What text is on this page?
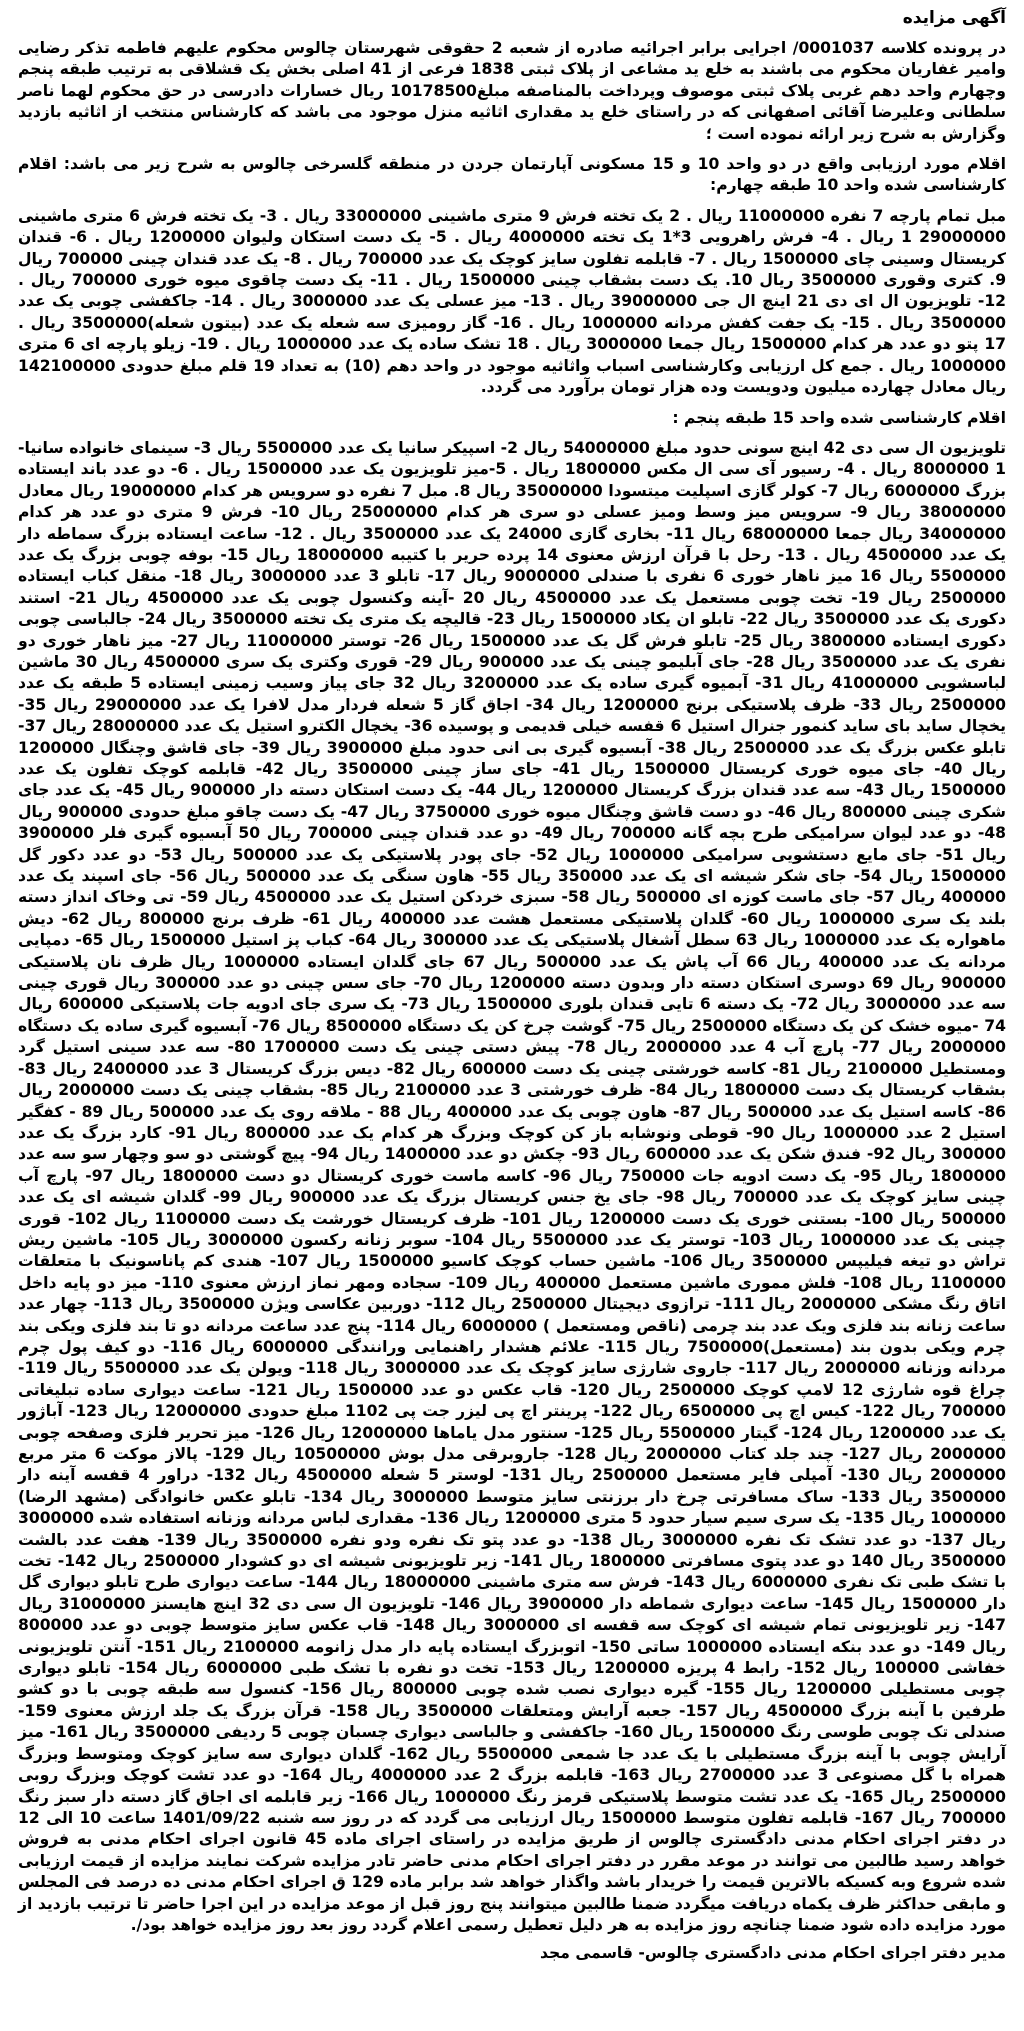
آگهی مزایده

در پرونده کلاسه 0001037/ اجرایی برابر اجرائیه صادره از شعبه 2 حقوقی شهرستان چالوس محکوم علیهم فاطمه تذکر رضایی وامیر غفاریان محکوم می باشند به خلع ید مشاعی از پلاک ثبتی 1838 فرعی از 41 اصلی بخش یک قشلاقی به ترتیب طبقه پنجم وچهارم واحد دهم غربی پلاک ثبتی موصوف وپرداخت بالمناصفه مبلغ10178500 ریال خسارات دادرسی در حق محکوم لهما ناصر سلطانی وعلیرضا آقائی اصفهانی که در راستای خلع ید مقداری اثاثیه منزل موجود می باشد که کارشناس منتخب از اثاثیه بازدید وگزارش به شرح زیر ارائه نموده است ؛

اقلام مورد ارزیابی واقع در دو واحد 10 و 15 مسکونی آپارتمان جردن در منطقه گلسرخی چالوس به شرح زیر می باشد: اقلام کارشناسی شده واحد 10 طبقه چهارم:

مبل تمام پارچه 7 نفره 11000000 ریال . 2 یک تخته فرش 9 متری ماشینی 33000000 ریال . 3- یک تخته فرش 6 متری ماشینی 29000000 1 ریال . 4- فرش راهرویی 3*1 یک تخته 4000000 ریال . 5- یک دست استکان ولیوان 1200000 ریال . 6- قندان کریستال وسینی چای 1500000 ریال . 7- قابلمه تفلون سایز کوچک یک عدد 700000 ریال . 8- یک عدد قندان چینی 700000 ریال 9. کتری وقوری 3500000 ریال 10. یک دست بشقاب چینی 1500000 ریال . 11- یک دست چاقوی میوه خوری 700000 ریال . 12- تلویزیون ال ای دی 21 اینچ ال جی 39000000 ریال . 13- میز عسلی یک عدد 3000000 ریال . 14- جاکفشی چوبی یک عدد 3500000 ریال . 15- یک جفت کفش مردانه 1000000 ریال . 16- گاز رومیزی سه شعله یک عدد (بیتون شعله)3500000 ریال . 17 پتو دو عدد هر کدام 1500000 ریال جمعا 3000000 ریال . 18 تشک ساده یک عدد 1000000 ریال . 19- زیلو پارچه ای 6 متری 1000000 ریال . جمع کل ارزیابی وکارشناسی اسباب واثاثیه موجود در واحد دهم (10) به تعداد 19 قلم مبلغ حدودی 142100000 ریال معادل چهارده میلیون ودویست وده هزار تومان برآورد می گردد.

اقلام کارشناسی شده واحد 15 طبقه پنجم :

تلویزیون ال سی دی 42 اینچ سونی حدود مبلغ 54000000 ریال 2- اسپیکر سانیا یک عدد 5500000 ریال 3- سینمای خانواده سانیا- 1 8000000 ریال . 4- رسیور آی سی ال مکس 1800000 ریال . 5-میز تلویزیون یک عدد 1500000 ریال . 6- دو عدد باند ایستاده بزرگ 6000000 ریال 7- کولر گازی اسپلیت میتسودا 35000000 ریال 8. مبل 7 نفره دو سرویس هر کدام 19000000 ریال معادل 38000000 ریال 9- سرویس میز وسط ومیز عسلی دو سری هر کدام 25000000 ریال 10- فرش 9 متری دو عدد هر کدام 34000000 ریال جمعا 68000000 ریال 11- بخاری گازی 24000 یک عدد 3500000 ریال . 12- ساعت ایستاده بزرگ سماطه دار یک عدد 4500000 ریال . 13- رحل با قرآن ارزش معنوی 14 پرده حریر با کتیبه 18000000 ریال 15- بوفه چوبی بزرگ یک عدد 5500000 ریال 16 میز ناهار خوری 6 نفری با صندلی 9000000 ریال 17- تابلو 3 عدد 3000000 ریال 18- منقل کباب ایستاده 2500000 ریال 19- تخت چوبی مستعمل یک عدد 4500000 ریال 20 -آینه وکنسول چوبی یک عدد 4500000 ریال 21- استند دکوری یک عدد 3500000 ریال 22- تابلو ان یکاد 1500000 ریال 23- قالیچه یک متری یک تخته 3500000 ریال 24- جالباسی چوبی دکوری ایستاده 3800000 ریال 25- تابلو فرش گل یک عدد 1500000 ریال 26- توستر 11000000 ریال 27- میز ناهار خوری دو نفری یک عدد 3500000 ریال 28- جای آبلیمو چینی یک عدد 900000 ریال 29- قوری وکتری یک سری 4500000 ریال 30 ماشین لباسشویی 41000000 ریال 31- آبمیوه گیری ساده یک عدد 3200000 ریال 32 جای پیاز وسیب زمینی ایستاده 5 طبقه یک عدد 2500000 ریال 33- ظرف پلاستیکی برنج 1200000 ریال 34- اجاق گاز 5 شعله فردار مدل لافرا یک عدد 29000000 ریال 35- یخچال ساید بای ساید کنمور جنرال استیل 6 قفسه خیلی قدیمی و پوسیده 36- یخچال الکترو استیل یک عدد 28000000 ریال 37- تابلو عکس بزرگ یک عدد 2500000 ریال 38- آبسیوه گیری بی انی حدود مبلغ 3900000 ریال 39- جای قاشق وچنگال 1200000 ریال 40- جای میوه خوری کریستال 1500000 ریال 41- جای ساز چینی 3500000 ریال 42- قابلمه کوچک تفلون یک عدد 1500000 ریال 43- سه عدد قندان بزرگ کریستال 1200000 ریال 44- یک دست استکان دسته دار 900000 ریال 45- یک عدد جای شکری چینی 800000 ریال 46- دو دست قاشق وچنگال میوه خوری 3750000 ریال 47- یک دست چاقو مبلغ حدودی 900000 ریال 48- دو عدد لیوان سرامیکی طرح بچه گانه 700000 ریال 49- دو عدد قندان چینی 700000 ریال 50 آبسیوه گیری فلر 3900000 ریال 51- جای مایع دستشویی سرامیکی 1000000 ریال 52- جای پودر پلاستیکی یک عدد 500000 ریال 53- دو عدد دکور گل 1500000 ریال 54- جای شکر شیشه ای یک عدد 350000 ریال 55- هاون سنگی یک عدد 500000 ریال 56- جای اسپند یک عدد 400000 ریال 57- جای ماست کوزه ای 500000 ریال 58- سبزی خردکن استیل یک عدد 4500000 ریال 59- تی وخاک انداز دسته بلند یک سری 1000000 ریال 60- گلدان پلاستیکی مستعمل هشت عدد 400000 ریال 61- ظرف برنج 800000 ریال 62- دیش ماهواره یک عدد 1000000 ریال 63 سطل آشغال پلاستیکی یک عدد 300000 ریال 64- کباب پز استیل 1500000 ریال 65- دمپایی مردانه یک عدد 400000 ریال 66 آب پاش یک عدد 500000 ریال 67 جای گلدان ایستاده 1000000 ریال ظرف نان پلاستیکی 900000 ریال 69 دوسری استکان دسته دار وبدون دسته 1200000 ریال 70- جای سس چینی دو عدد 300000 ریال قوری چینی سه عدد 3000000 ریال 72- یک دسته 6 تایی قندان بلوری 1500000 ریال 73- یک سری جای ادویه جات پلاستیکی 600000 ریال 74 -میوه خشک کن یک دستگاه 2500000 ریال 75- گوشت چرخ کن یک دستگاه 8500000 ریال 76- آبسیوه گیری ساده یک دستگاه 2000000 ریال 77- پارچ آب 4 عدد 2000000 ریال 78- پیش دستی چینی یک دست 1700000 80- سه عدد سینی استیل گرد ومستطیل 2100000 ریال 81- کاسه خورشتی چینی یک دست 600000 ریال 82- دیس بزرگ کریستال 3 عدد 2400000 ریال 83- بشقاب کریستال یک دست 1800000 ریال 84- ظرف خورشتی 3 عدد 2100000 ریال 85- بشقاب چینی یک دست 2000000 ریال 86- کاسه استیل یک عدد 500000 ریال 87- هاون چوبی یک عدد 400000 ریال 88 - ملاقه روی یک عدد 500000 ریال 89 - کفگیر استیل 2 عدد 1000000 ریال 90- قوطی ونوشابه باز کن کوچک وبزرگ هر کدام یک عدد 800000 ریال 91- کارد بزرگ یک عدد 300000 ریال 92- فندق شکن یک عدد 600000 ریال 93- چکش دو عدد 1400000 ریال 94- پیچ گوشتی دو سو وچهار سو سه عدد 1800000 ریال 95- یک دست ادویه جات 750000 ریال 96- کاسه ماست خوری کریستال دو دست 1800000 ریال 97- پارچ آب چینی سایز کوچک یک عدد 700000 ریال 98- جای یخ جنس کریستال بزرگ یک عدد 900000 ریال 99- گلدان شیشه ای یک عدد 500000 ریال 100- بستنی خوری یک دست 1200000 ریال 101- ظرف کریستال خورشت یک دست 1100000 ریال 102- قوری چینی یک عدد 1000000 ریال 103- توستر یک عدد 5500000 ریال 104- سوبر زنانه رکسون 3000000 ریال 105- ماشین ریش تراش دو تیغه فیلیپس 3500000 ریال 106- ماشین حساب کوچک کاسیو 1500000 ریال 107- هندی کم پاناسونیک با متعلقات 1100000 ریال 108- فلش مموری ماشین مستعمل 400000 ریال 109- سجاده ومهر نماز ارزش معنوی 110- میز دو پایه داخل اتاق رنگ مشکی 2000000 ریال 111- ترازوی دیجیتال 2500000 ریال 112- دوربین عکاسی ویژن 3500000 ریال 113- چهار عدد ساعت زنانه بند فلزی ویک عدد بند چرمی (ناقص ومستعمل ) 6000000 ریال 114- پنج عدد ساعت مردانه دو تا بند فلزی ویکی بند چرم ویکی بدون بند (مستعمل)7500000 ریال 115- علائم هشدار راهنمایی ورانندگی 6000000 ریال 116- دو کیف پول چرم مردانه وزنانه 2000000 ریال 117- جاروی شارژی سایز کوچک یک عدد 3000000 ریال 118- ویولن یک عدد 5500000 ریال 119- چراغ قوه شارژی 12 لامپ کوچک 2500000 ریال 120- قاب عکس دو عدد 1500000 ریال 121- ساعت دیواری ساده تبلیغاتی 700000 ریال 122- کیس اچ پی 6500000 ریال 122- پرینتر اچ پی لیزر جت پی 1102 مبلغ حدودی 12000000 ریال 123- آباژور یک عدد 1200000 ریال 124- گیتار 5500000 ریال 125- سنتور مدل یاماها 12000000 ریال 126- میز تحریر فلزی وصفحه چوبی 2000000 ریال 127- چند جلد کتاب 2000000 ریال 128- جاروبرقی مدل بوش 10500000 ریال 129- پالاز موکت 6 متر مربع 2000000 ریال 130- آمپلی فایر مستعمل 2500000 ریال 131- لوستر 5 شعله 4500000 ریال 132- دراور 4 قفسه آینه دار 3500000 ریال 133- ساک مسافرتی چرخ دار برزنتی سایز متوسط 3000000 ریال 134- تابلو عکس خانوادگی (مشهد الرضا) 1000000 ریال 135- یک سری سیم سیار حدود 5 متری 1200000 ریال 136- مقداری لباس مردانه وزنانه استفاده شده 3000000 ریال 137- دو عدد تشک تک نفره 3000000 ریال 138- دو عدد پتو تک نفره ودو نفره 3500000 ریال 139- هفت عدد بالشت 3500000 ریال 140 دو عدد پتوی مسافرتی 1800000 ریال 141- زیر تلویزیونی شیشه ای دو کشودار 2500000 ریال 142- تخت با تشک طبی تک نفری 6000000 ریال 143- فرش سه متری ماشینی 18000000 ریال 144- ساعت دیواری طرح تابلو دیواری گل دار 1500000 ریال 145- ساعت دیواری شماطه دار 3900000 ریال 146- تلویزیون ال سی دی 32 اینچ هایسنز 31000000 ریال 147- زیر تلویزیونی تمام شیشه ای کوچک سه قفسه ای 3000000 ریال 148- قاب عکس سایز متوسط چوبی دو عدد 800000 ریال 149- دو عدد بنکه ایستاده 1000000 ساتی 150- اتوبزرگ ایستاده پایه دار مدل زانومه 2100000 ریال 151- آنتن تلویزیونی خفاشی 100000 ریال 152- رابط 4 پریزه 1200000 ریال 153- تخت دو نفره با تشک طبی 6000000 ریال 154- تابلو دیواری چوبی مستطیلی 1200000 ریال 155- گیره دیواری نصب شده چوبی 800000 ریال 156- کنسول سه طبقه چوبی با دو کشو طرفین با آینه بزرگ 4500000 ریال 157- جعبه آرایش ومتعلقات 3500000 ریال 158- قرآن بزرگ یک جلد ارزش معنوی 159- صندلی تک چوبی طوسی رنگ 1500000 ریال 160- جاکفشی و جالباسی دیواری چسبان چوبی 5 ردیفی 3500000 ریال 161- میز آرایش چوبی با آینه بزرگ مستطیلی با یک عدد جا شمعی 5500000 ریال 162- گلدان دیواری سه سایز کوچک ومتوسط وبزرگ همراه با گل مصنوعی 3 عدد 2700000 ریال 163- قابلمه بزرگ 2 عدد 4000000 ریال 164- دو عدد تشت کوچک وبزرگ روبی 2500000 ریال 165- یک عدد تشت متوسط پلاستیکی قرمز رنگ 1000000 ریال 166- زیر قابلمه ای اجاق گاز دسته دار سبز رنگ 700000 ریال 167- قابلمه تفلون متوسط 1500000 ریال ارزیابی می گردد که در روز سه شنبه 1401/09/22 ساعت 10 الی 12 در دفتر اجرای احکام مدنی دادگستری چالوس از طریق مزایده در راستای اجرای ماده 45 قانون اجرای احکام مدنی به فروش خواهد رسید طالبین می توانند در موعد مقرر در دفتر اجرای احکام مدنی حاضر تادر مزایده شرکت نمایند مزایده از قیمت ارزیابی شده شروع وبه کسیکه بالاترین قیمت را خریدار باشد واگذار خواهد شد برابر ماده 129 ق اجرای احکام مدنی ده درصد فی المجلس و مابقی حداکثر ظرف یکماه دریافت میگردد ضمنا طالبین میتوانند پنج روز قبل از موعد مزایده در این اجرا حاضر تا ترتیب بازدید از مورد مزایده داده شود ضمنا چنانچه روز مزایده به هر دلیل تعطیل رسمی اعلام گردد روز بعد روز مزایده خواهد بود/.

مدیر دفتر اجرای احکام مدنی دادگستری چالوس- قاسمی مجد
